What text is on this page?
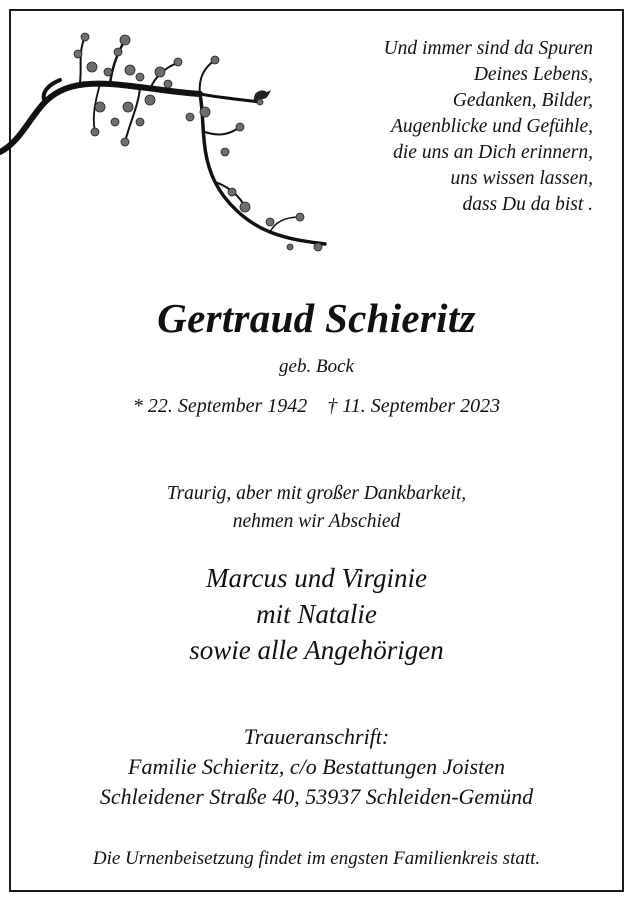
Und immer sind da Spuren
Deines Lebens,
Gedanken, Bilder,
Augenblicke und Gefühle,
die uns an Dich erinnern,
uns wissen lassen,
dass Du da bist .
Gertraud Schieritz
geb. Bock
* 22. September 1942    † 11. September 2023
Traurig, aber mit großer Dankbarkeit,
nehmen wir Abschied
Marcus und Virginie
mit Natalie
sowie alle Angehörigen
Traueranschrift:
Familie Schieritz, c/o Bestattungen Joisten
Schleidener Straße 40, 53937 Schleiden-Gemünd
Die Urnenbeisetzung findet im engsten Familienkreis statt.
